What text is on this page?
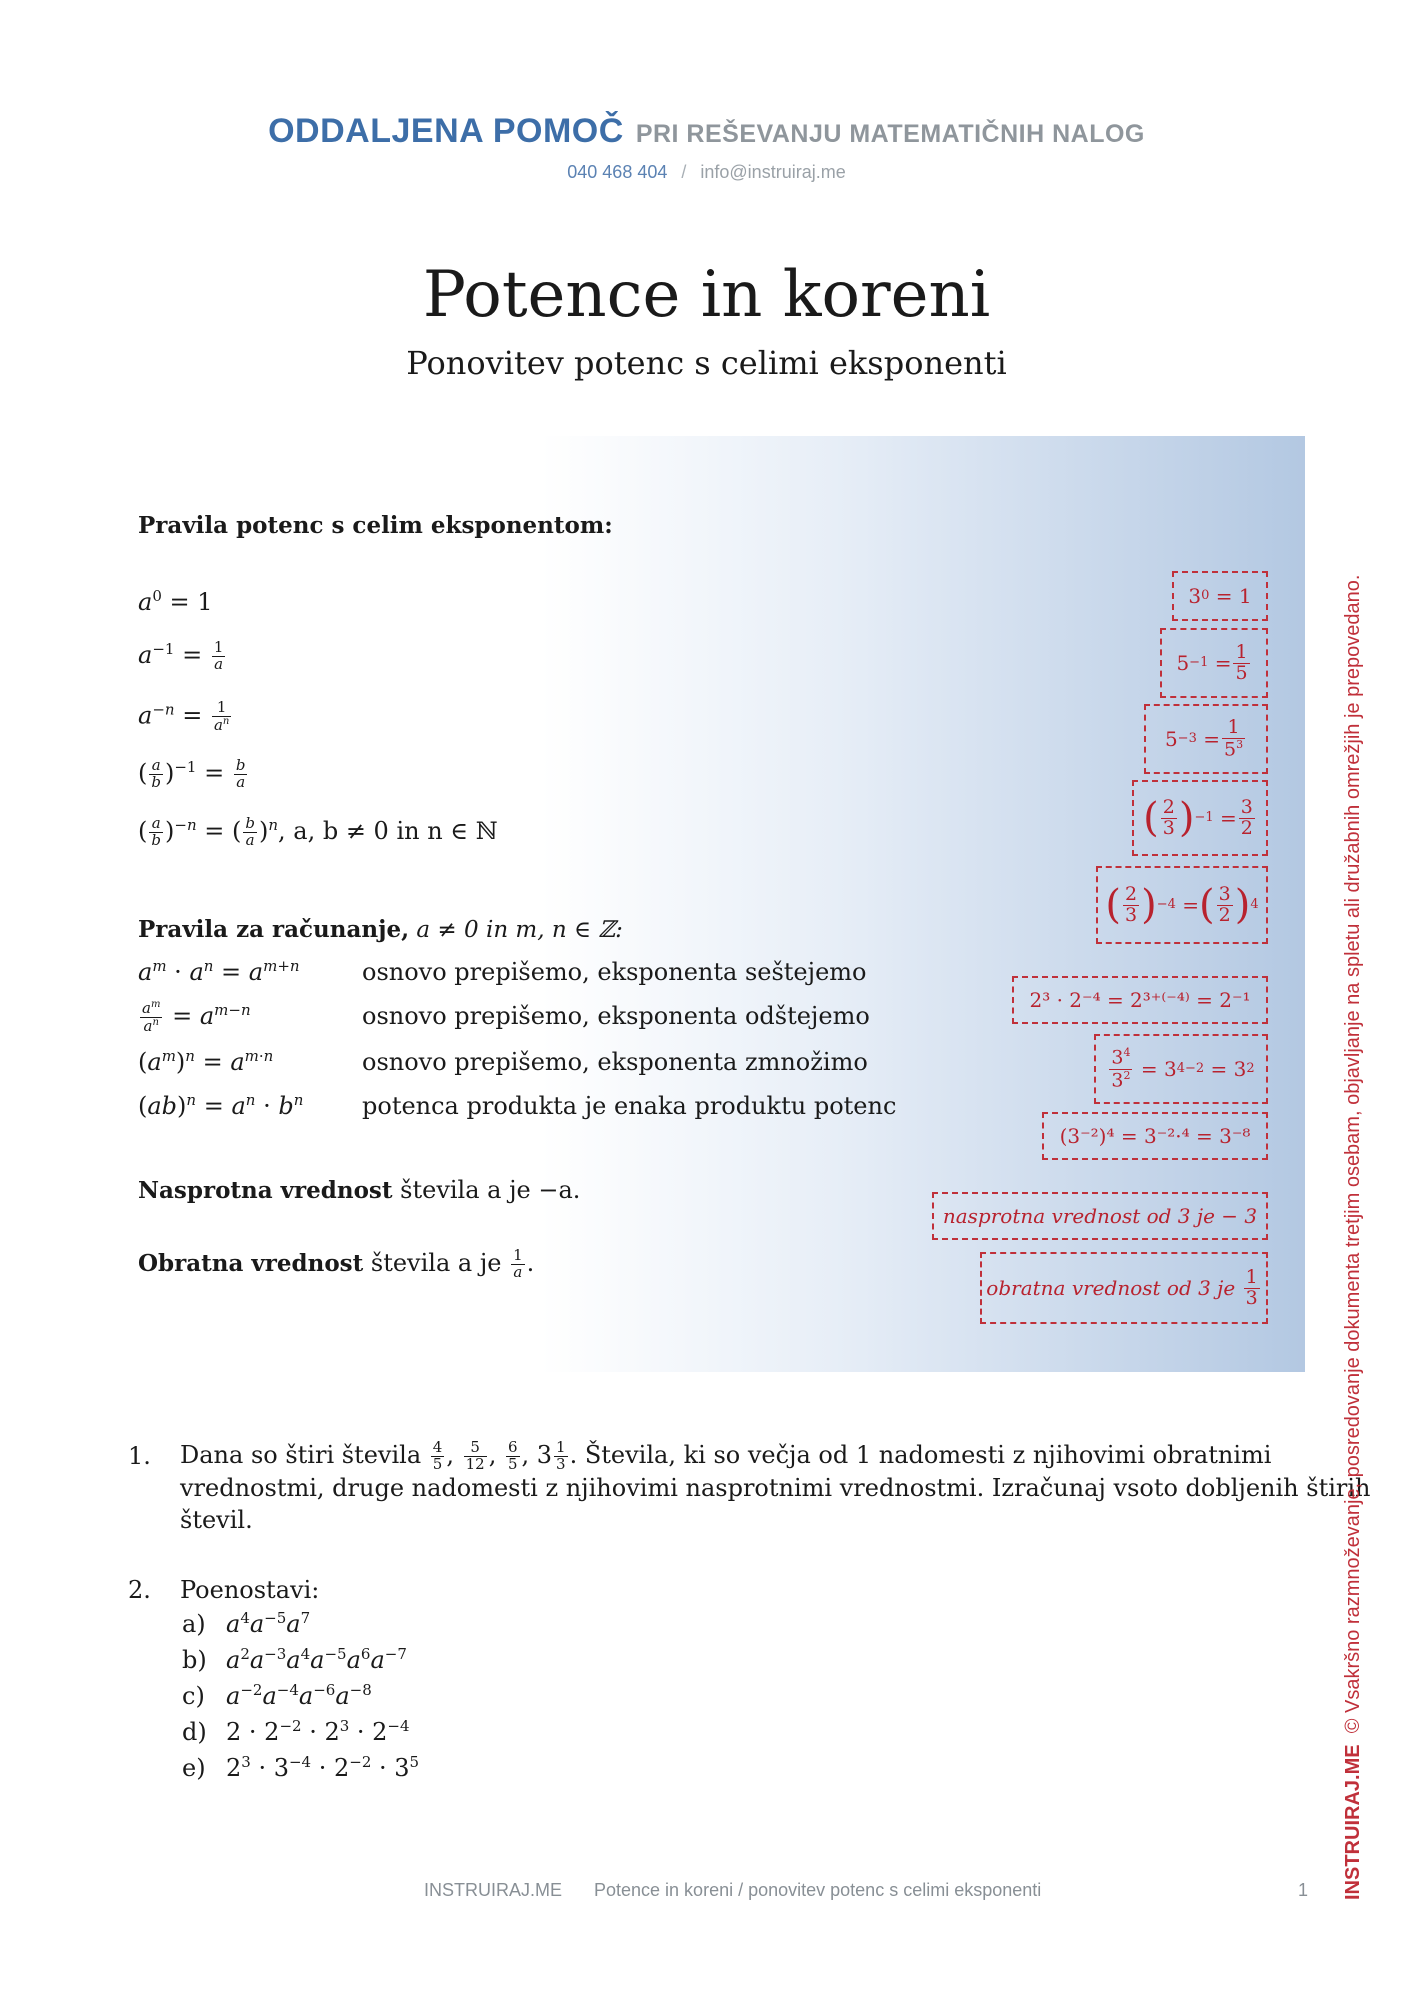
ODDALJENA POMOČ PRI REŠEVANJU MATEMATIČNIH NALOG
040 468 404 / info@instruiraj.me
Potence in koreni
Ponovitev potenc s celimi eksponenti
Pravila potenc s celim eksponentom:
$a^0 = 1$
$a^{-1} = \frac{1}{a}$
$a^{-n} = \frac{1}{a^n}$
( $\frac{a}{b} )^{-1} = \frac{b}{a}$
( $\frac{a}{b} )^{-n}$ = ( $\frac{b}{a} )^n$, a, b ≠ 0 in n ∈ ℕ
Pravila za računanje, a ≠ 0 in m, n ∈ ℤ:
$a^m \cdot a^n = a^{m+n}$	osnovo prepišemo, eksponenta seštejemo
$\frac{a^m}{a^n} = a^{m-n}$	osnovo prepišemo, eksponenta odštejemo
$(a^m)^n = a^{m\cdot n}$	osnovo prepišemo, eksponenta zmnožimo
$(ab)^n = a^n \cdot b^n$ potenca produkta je enaka produktu potenc
Nasprotna vrednost števila a je −a.
Obratna vrednost števila a je $\frac{1}{a}$ .
3 0 = 1
$5 -1 = \frac{1}{5}$
$5 -3 = \frac{1}{5^3}$
( $\frac{2}{3}$ ) $-1 = \frac{3}{2}$
( $\frac{2}{3}$ ) −4 = ( $\frac{3}{2}$ ) 4
2³ · 2⁻⁴ = 2³⁺⁽⁻⁴⁾ = 2⁻¹
$\frac{3^4}{3^2} = 3$ 4−2 = 3 2
(3⁻²)⁴ = 3⁻²·⁴ = 3⁻⁸
nasprotna vrednost od 3 je − 3
obratna vrednost od 3 je
$\frac{1}{3}$
1. Dana so štiri števila $\frac{4}{5}$ , $\frac{5}{12}$ , $\frac{6}{5}$ , $3 \frac{1}{3}$ . Števila, ki so večja od 1 nadomesti z njihovimi obratnimi
vrednostmi, druge nadomesti z njihovimi nasprotnimi vrednostmi. Izračunaj vsoto dobljenih štirih
števil.
2. Poenostavi:
a) $a^4a^{-5}a^7$
b) $a^2a^{-3}a^4a^{-5}a^6a^{-7}$
c) $a^{-2}a^{-4}a^{-6}a^{-8}$
d) $2 \cdot 2^{-2} \cdot 2^3 \cdot 2^{-4}$
e) $2^3 \cdot 3^{-4} \cdot 2^{-2} \cdot 3^5$
INSTRUIRAJ.ME Potence in koreni / ponovitev potenc s celimi eksponenti	1 INSTRUIRAJ.ME  © Vsakršno razmnoževanje, posredovanje dokumenta tretjim osebam, objavljanje na spletu ali družabnih omrežjih je prepovedano.
